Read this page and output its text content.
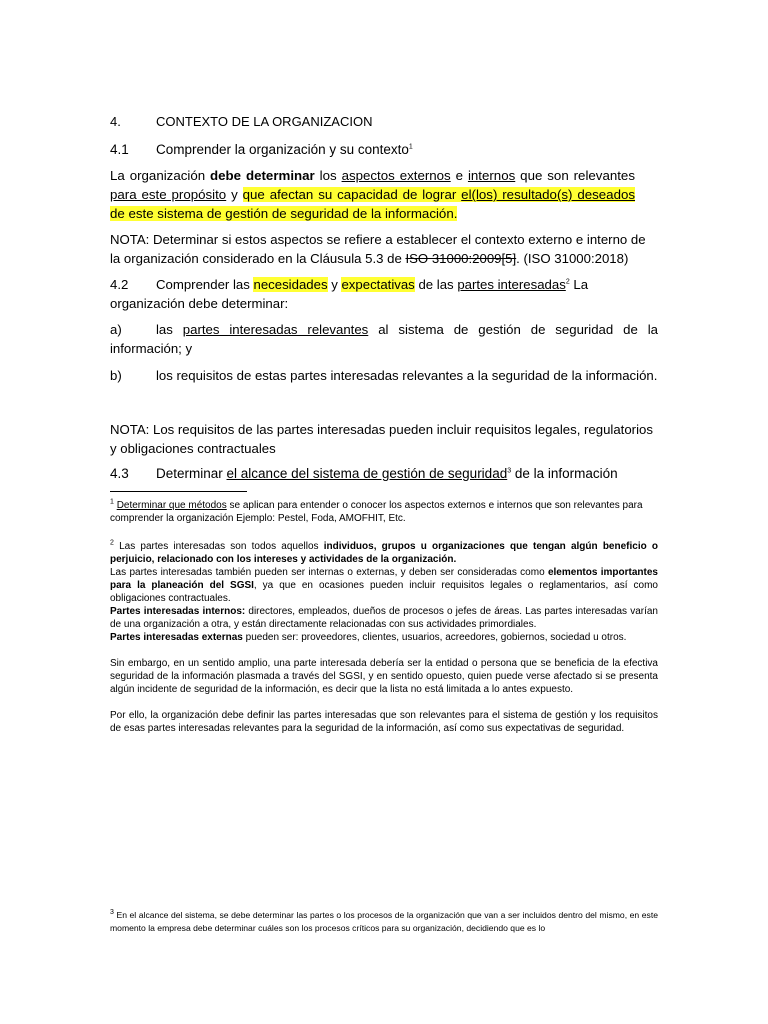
4.	CONTEXTO DE LA ORGANIZACION
4.1 Comprender la organización y su contexto$^1$
La organización debe determinar los aspectos externos e internos que son relevantes para este propósito y que afectan su capacidad de lograr el(los) resultado(s) deseados de este sistema de gestión de seguridad de la información.
NOTA: Determinar si estos aspectos se refiere a establecer el contexto externo e interno de la organización considerado en la Cláusula 5.3 de ISO 31000:2009[5]. (ISO 31000:2018)
4.2	Comprender las necesidades y expectativas de las partes interesadas$^2$ La organización debe determinar:
a)	las partes interesadas relevantes al sistema de gestión de seguridad de la información; y
b)	los requisitos de estas partes interesadas relevantes a la seguridad de la información.
NOTA: Los requisitos de las partes interesadas pueden incluir requisitos legales, regulatorios y obligaciones contractuales
4.3 Determinar el alcance del sistema de gestión de seguridad$^3$ de la información
$^1$ Determinar que métodos se aplican para entender o conocer los aspectos externos e internos que son relevantes para comprender la organización Ejemplo: Pestel, Foda, AMOFHIT, Etc.
$^2$ Las partes interesadas son todos aquellos individuos, grupos u organizaciones que tengan algún beneficio o perjuicio, relacionado con los intereses y actividades de la organización.
Las partes interesadas también pueden ser internas o externas, y deben ser consideradas como elementos importantes para la planeación del SGSI, ya que en ocasiones pueden incluir requisitos legales o reglamentarios, así como obligaciones contractuales.
Partes interesadas internos: directores, empleados, dueños de procesos o jefes de áreas. Las partes interesadas varían de una organización a otra, y están directamente relacionadas con sus actividades primordiales.
Partes interesadas externas pueden ser: proveedores, clientes, usuarios, acreedores, gobiernos, sociedad u otros.
Sin embargo, en un sentido amplio, una parte interesada debería ser la entidad o persona que se beneficia de la efectiva seguridad de la información plasmada a través del SGSI, y en sentido opuesto, quien puede verse afectado si se presenta algún incidente de seguridad de la información, es decir que la lista no está limitada a lo antes expuesto.
Por ello, la organización debe definir las partes interesadas que son relevantes para el sistema de gestión y los requisitos de esas partes interesadas relevantes para la seguridad de la información, así como sus expectativas de seguridad.
$^3$ En el alcance del sistema, se debe determinar las partes o los procesos de la organización que van a ser incluidos dentro del mismo, en este momento la empresa debe determinar cuáles son los procesos críticos para su organización, decidiendo que es lo
